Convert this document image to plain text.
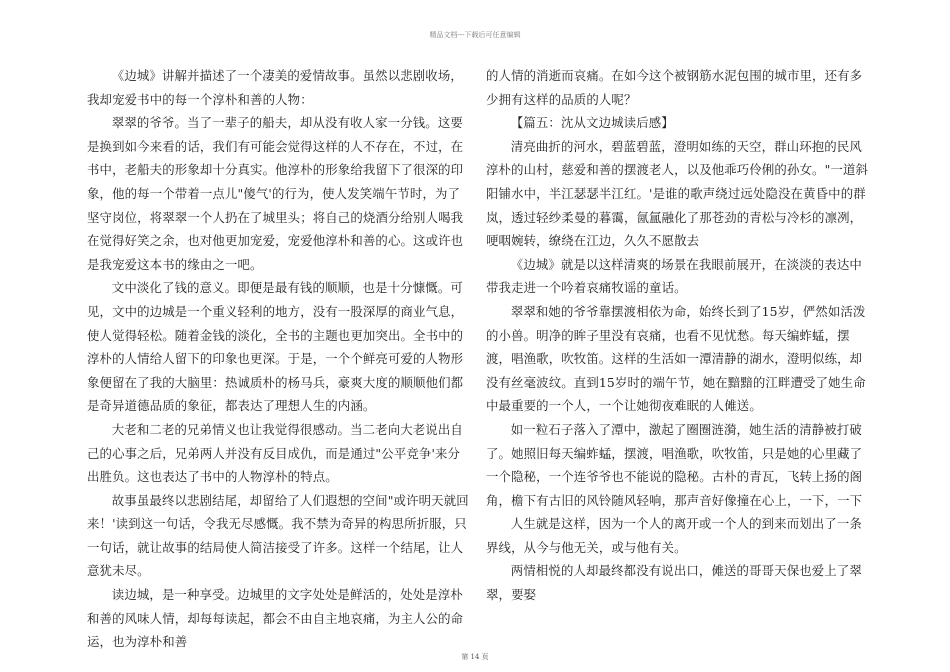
精品文档---下载后可任意编辑

《边城》讲解并描述了一个凄美的爱情故事。虽然以悲剧收场，我却宠爱书中的每一个淳朴和善的人物：

翠翠的爷爷。当了一辈子的船夫，却从没有收人家一分钱。这要是换到如今来看的话，我们有可能会觉得这样的人不存在，不过，在书中，老船夫的形象却十分真实。他淳朴的形象给我留下了很深的印象，他的每一个带着一点儿"傻气'的行为，使人发笑端午节时，为了坚守岗位，将翠翠一个人扔在了城里头；将自己的烧酒分给别人喝我在觉得好笑之余，也对他更加宠爱，宠爱他淳朴和善的心。这或许也是我宠爱这本书的缘由之一吧。

文中淡化了钱的意义。即便是最有钱的顺顺，也是十分慷慨。可见，文中的边城是一个重义轻利的地方，没有一股深厚的商业气息，使人觉得轻松。随着金钱的淡化，全书的主题也更加突出。全书中的淳朴的人情给人留下的印象也更深。于是，一个个鲜亮可爱的人物形象便留在了我的大脑里：热诚质朴的杨马兵，豪爽大度的顺顺他们都是奇异道德品质的象征，都表达了理想人生的内涵。

大老和二老的兄弟情义也让我觉得很感动。当二老向大老说出自己的心事之后，兄弟两人并没有反目成仇，而是通过"公平竞争'来分出胜负。这也表达了书中的人物淳朴的特点。

故事虽最终以悲剧结尾，却留给了人们遐想的空间"或许明天就回来！'读到这一句话，令我无尽感慨。我不禁为奇异的构思所折服，只一句话，就让故事的结局使人简洁接受了许多。这样一个结尾，让人意犹未尽。

读边城，是一种享受。边城里的文字处处是鲜活的，处处是淳朴和善的风味人情，却每每读起，都会不由自主地哀痛，为主人公的命运，也为淳朴和善

的人情的消逝而哀痛。在如今这个被钢筋水泥包围的城市里，还有多少拥有这样的品质的人呢？

【篇五：沈从文边城读后感】

清亮曲折的河水，碧蓝碧蓝，澄明如练的天空，群山环抱的民风淳朴的山村，慈爱和善的摆渡老人，以及他乖巧伶俐的孙女。"一道斜阳铺水中，半江瑟瑟半江红。'是谁的歌声绕过远处隐没在黄昏中的群岚，透过轻纱柔曼的暮霭，氤氲融化了那苍劲的青松与冷杉的凛冽，哽咽婉转，缭绕在江边，久久不愿散去

《边城》就是以这样清爽的场景在我眼前展开，在淡淡的表达中带我走进一个吟着哀痛牧谣的童话。

翠翠和她的爷爷靠摆渡相依为命，始终长到了15岁，俨然如活泼的小兽。明净的眸子里没有哀痛，也看不见忧愁。每天编蚱蜢，摆渡，唱渔歌，吹牧笛。这样的生活如一潭清静的湖水，澄明似练，却没有丝毫波纹。直到15岁时的端午节，她在黯黯的江畔遭受了她生命中最重要的一个人，一个让她彻夜难眠的人傩送。

如一粒石子落入了潭中，激起了圈圈涟漪，她生活的清静被打破了。她照旧每天编蚱蜢，摆渡，唱渔歌，吹牧笛，只是她的心里藏了一个隐秘，一个连爷爷也不能说的隐秘。古朴的青瓦，飞转上扬的阁角，檐下有古旧的风铃随风轻响，那声音好像撞在心上，一下，一下

人生就是这样，因为一个人的离开或一个人的到来而划出了一条界线，从今与他无关，或与他有关。

两情相悦的人却最终都没有说出口，傩送的哥哥天保也爱上了翠翠，要娶

第 14 页
